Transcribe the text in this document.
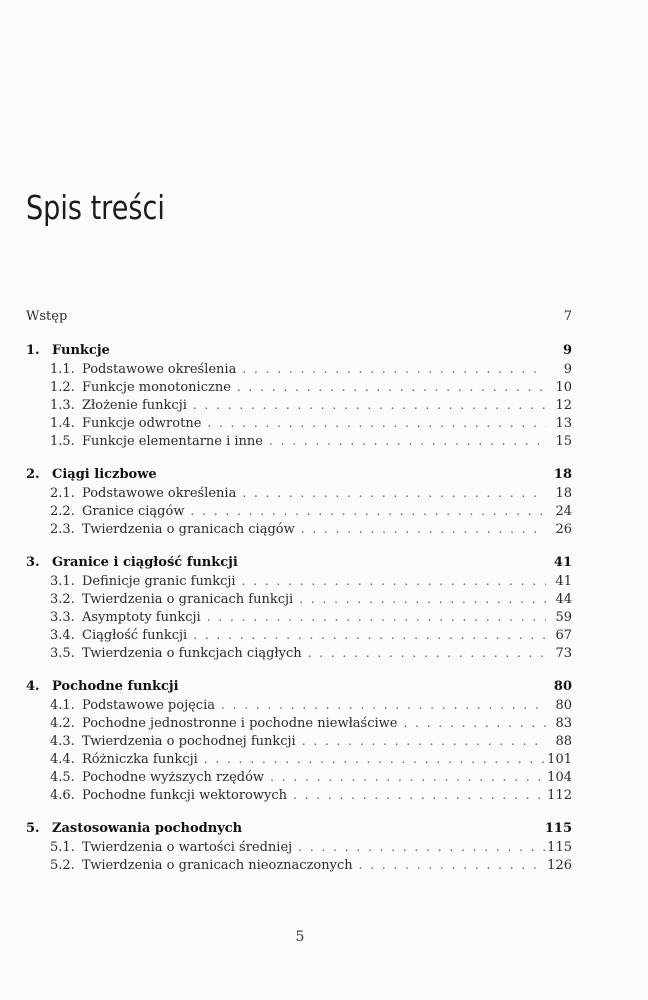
Spis treści
Wstęp	7
1. Funkcje	9
1.1. Podstawowe określenia . . .	9
1.2. Funkcje monotoniczne . . .	10
1.3. Złożenie funkcji . . .	12
1.4. Funkcje odwrotne . . .	13
1.5. Funkcje elementarne i inne . . .	15
2. Ciągi liczbowe	18
2.1. Podstawowe określenia . . .	18
2.2. Granice ciągów . . .	24
2.3. Twierdzenia o granicach ciągów . . .	26
3. Granice i ciągłość funkcji	41
3.1. Definicje granic funkcji . . .	41
3.2. Twierdzenia o granicach funkcji . . .	44
3.3. Asymptoty funkcji . . .	59
3.4. Ciągłość funkcji . . .	67
3.5. Twierdzenia o funkcjach ciągłych . . .	73
4. Pochodne funkcji	80
4.1. Podstawowe pojęcia . . .	80
4.2. Pochodne jednostronne i pochodne niewłaściwe . . .	83
4.3. Twierdzenia o pochodnej funkcji . . .	88
4.4. Różniczka funkcji . . .	101
4.5. Pochodne wyższych rzędów . . .	104
4.6. Pochodne funkcji wektorowych . . .	112
5. Zastosowania pochodnych	115
5.1. Twierdzenia o wartości średniej . . .	115
5.2. Twierdzenia o granicach nieoznaczonych . . .	126
5
